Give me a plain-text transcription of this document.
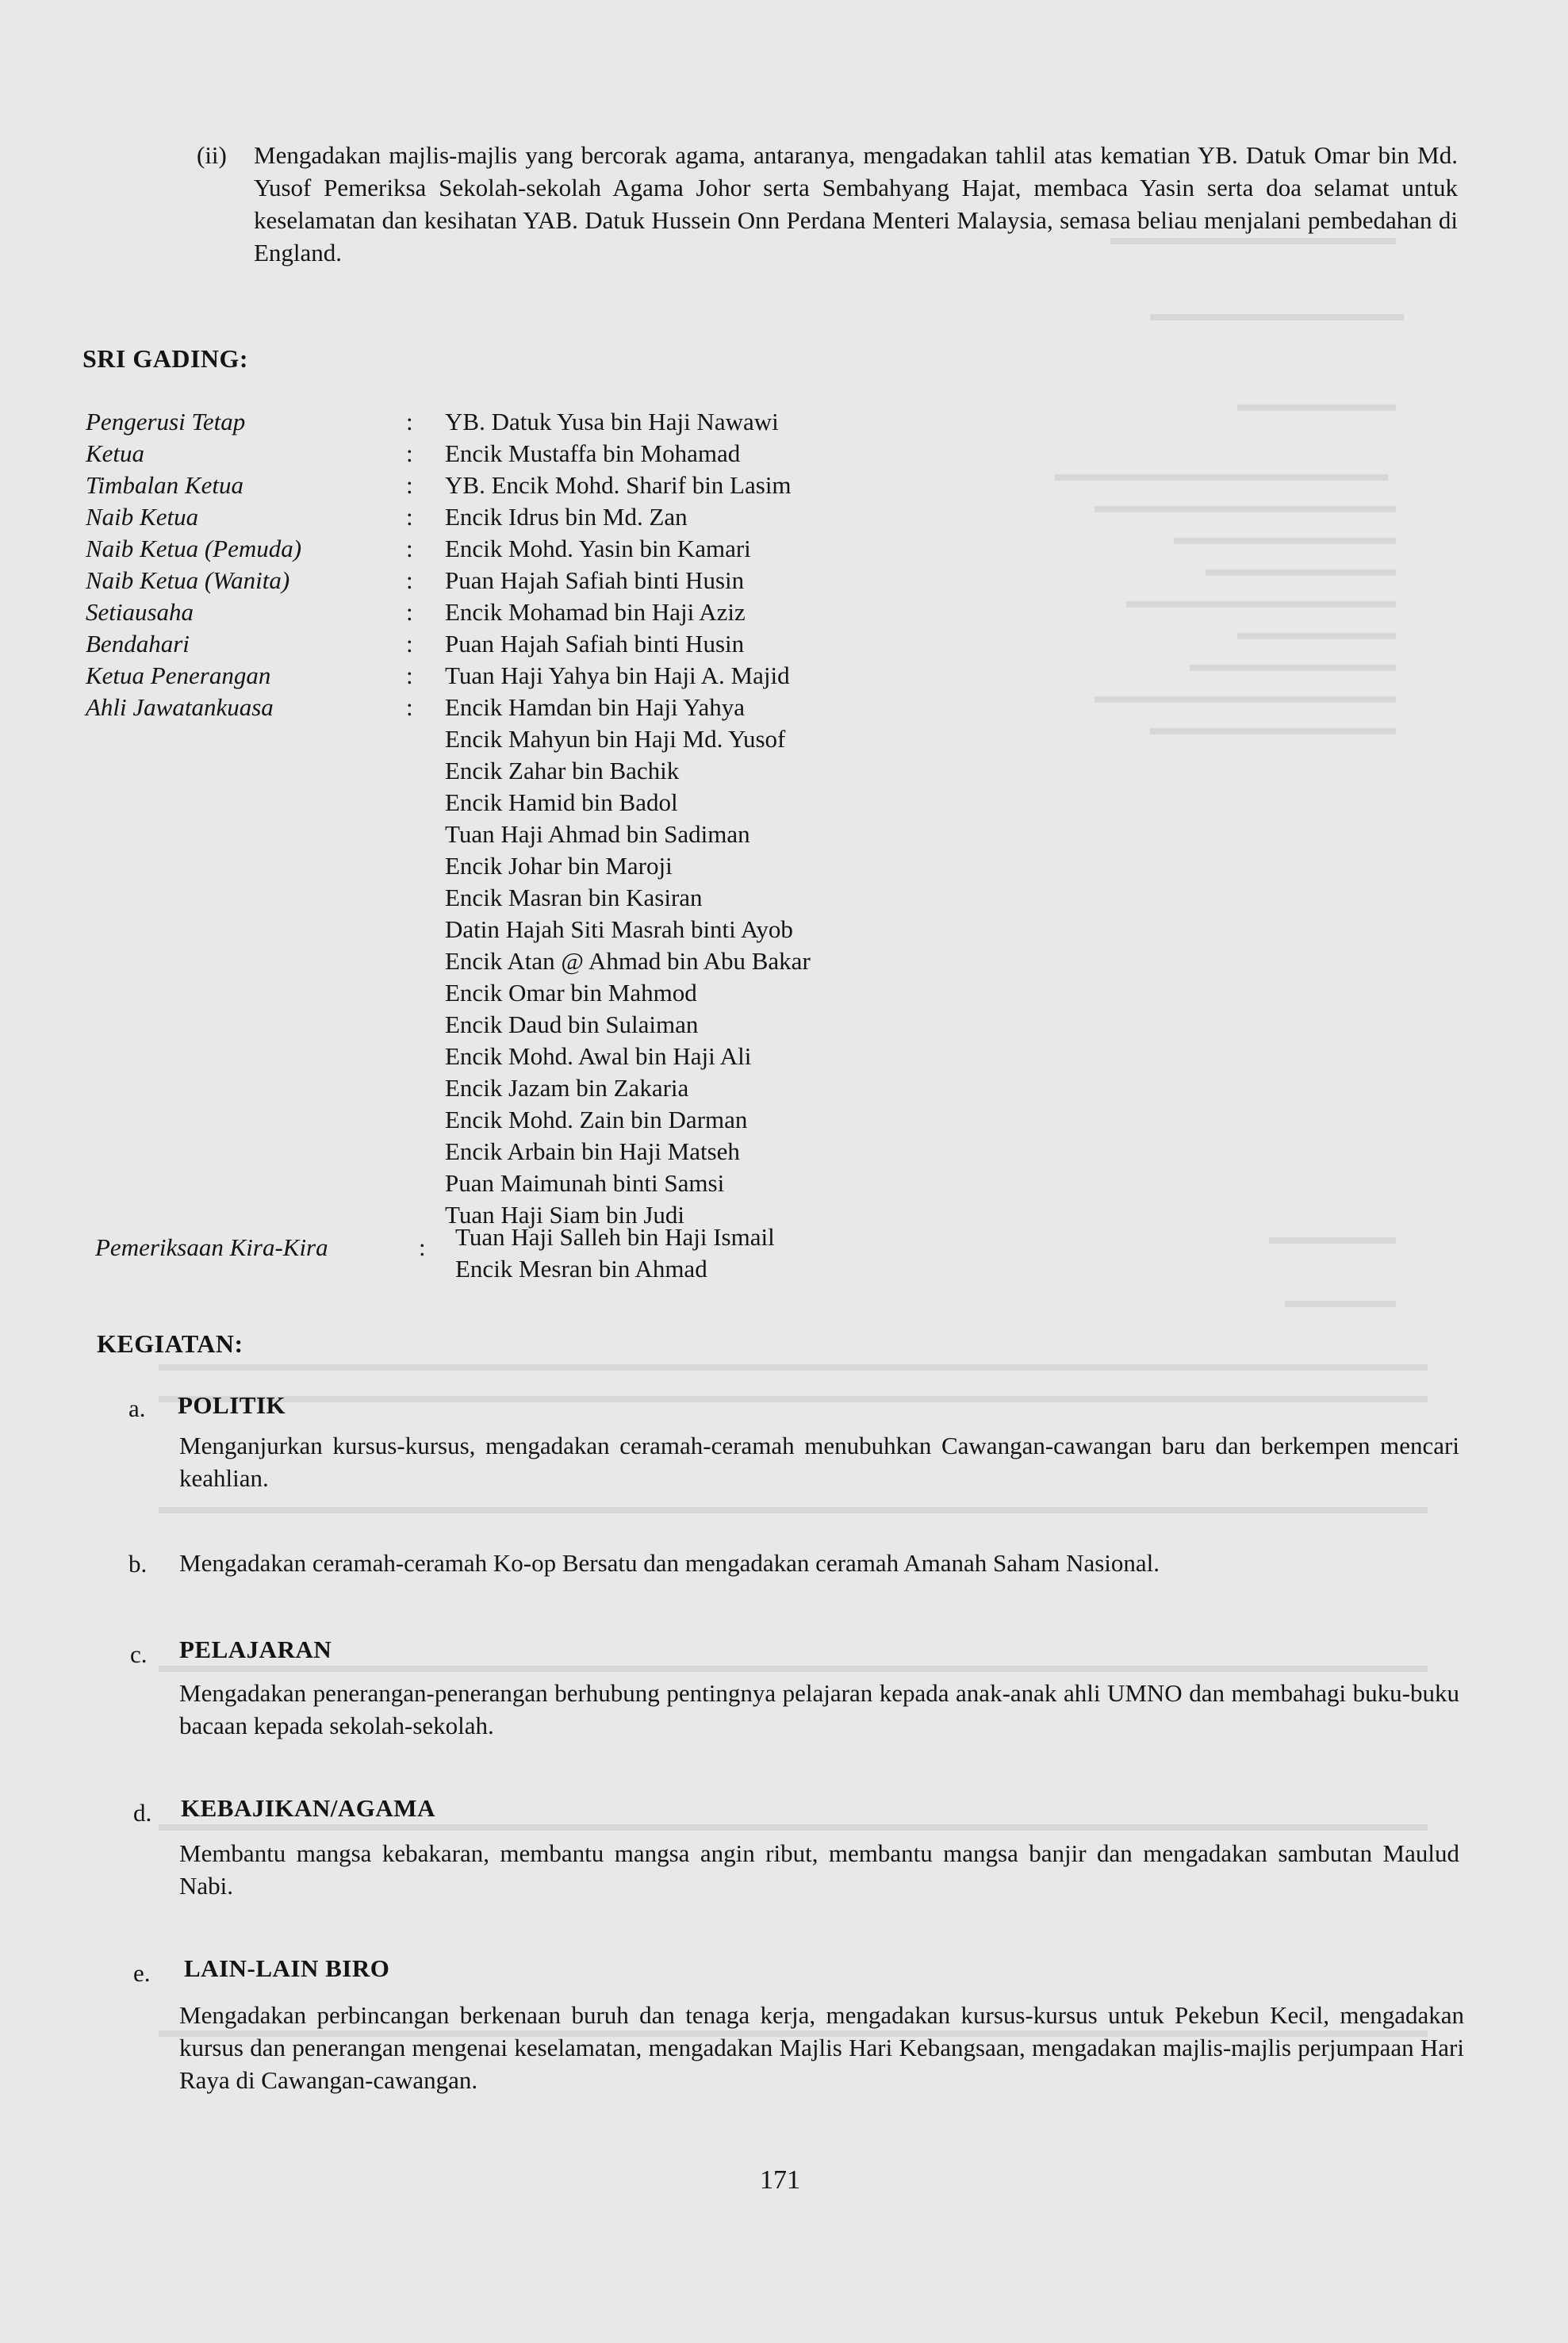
(ii) Mengadakan majlis-majlis yang bercorak agama, antaranya, mengadakan tahlil atas kematian YB. Datuk Omar bin Md. Yusof Pemeriksa Sekolah-sekolah Agama Johor serta Sembahyang Hajat, membaca Yasin serta doa selamat untuk keselamatan dan kesihatan YAB. Datuk Hussein Onn Perdana Menteri Malaysia, semasa beliau menjalani pembedahan di England.
SRI GADING:
Pengerusi Tetap
Ketua
Timbalan Ketua
Naib Ketua
Naib Ketua (Pemuda)
Naib Ketua (Wanita)
Setiausaha
Bendahari
Ketua Penerangan
Ahli Jawatankuasa
:
:
:
:
:
:
:
:
:
:
YB. Datuk Yusa bin Haji Nawawi
Encik Mustaffa bin Mohamad
YB. Encik Mohd. Sharif bin Lasim
Encik Idrus bin Md. Zan
Encik Mohd. Yasin bin Kamari
Puan Hajah Safiah binti Husin
Encik Mohamad bin Haji Aziz
Puan Hajah Safiah binti Husin
Tuan Haji Yahya bin Haji A. Majid
Encik Hamdan bin Haji Yahya
Encik Mahyun bin Haji Md. Yusof
Encik Zahar bin Bachik
Encik Hamid bin Badol
Tuan Haji Ahmad bin Sadiman
Encik Johar bin Maroji
Encik Masran bin Kasiran
Datin Hajah Siti Masrah binti Ayob
Encik Atan @ Ahmad bin Abu Bakar
Encik Omar bin Mahmod
Encik Daud bin Sulaiman
Encik Mohd. Awal bin Haji Ali
Encik Jazam bin Zakaria
Encik Mohd. Zain bin Darman
Encik Arbain bin Haji Matseh
Puan Maimunah binti Samsi
Tuan Haji Siam bin Judi
Pemeriksaan Kira-Kira	: Tuan Haji Salleh bin Haji Ismail
Encik Mesran bin Ahmad
KEGIATAN:
a. POLITIK
Menganjurkan kursus-kursus, mengadakan ceramah-ceramah menubuhkan Cawangan-cawangan baru dan berkempen mencari keahlian.
b. Mengadakan ceramah-ceramah Ko-op Bersatu dan mengadakan ceramah Amanah Saham Nasional.
c. PELAJARAN
Mengadakan penerangan-penerangan berhubung pentingnya pelajaran kepada anak-anak ahli UMNO dan membahagi buku-buku bacaan kepada sekolah-sekolah.
d. KEBAJIKAN/AGAMA
Membantu mangsa kebakaran, membantu mangsa angin ribut, membantu mangsa banjir dan mengadakan sambutan Maulud Nabi.
e. LAIN-LAIN BIRO
Mengadakan perbincangan berkenaan buruh dan tenaga kerja, mengadakan kursus-kursus untuk Pekebun Kecil, mengadakan kursus dan penerangan mengenai keselamatan, mengadakan Majlis Hari Kebangsaan, mengadakan majlis-majlis perjumpaan Hari Raya di Cawangan-cawangan.
171
